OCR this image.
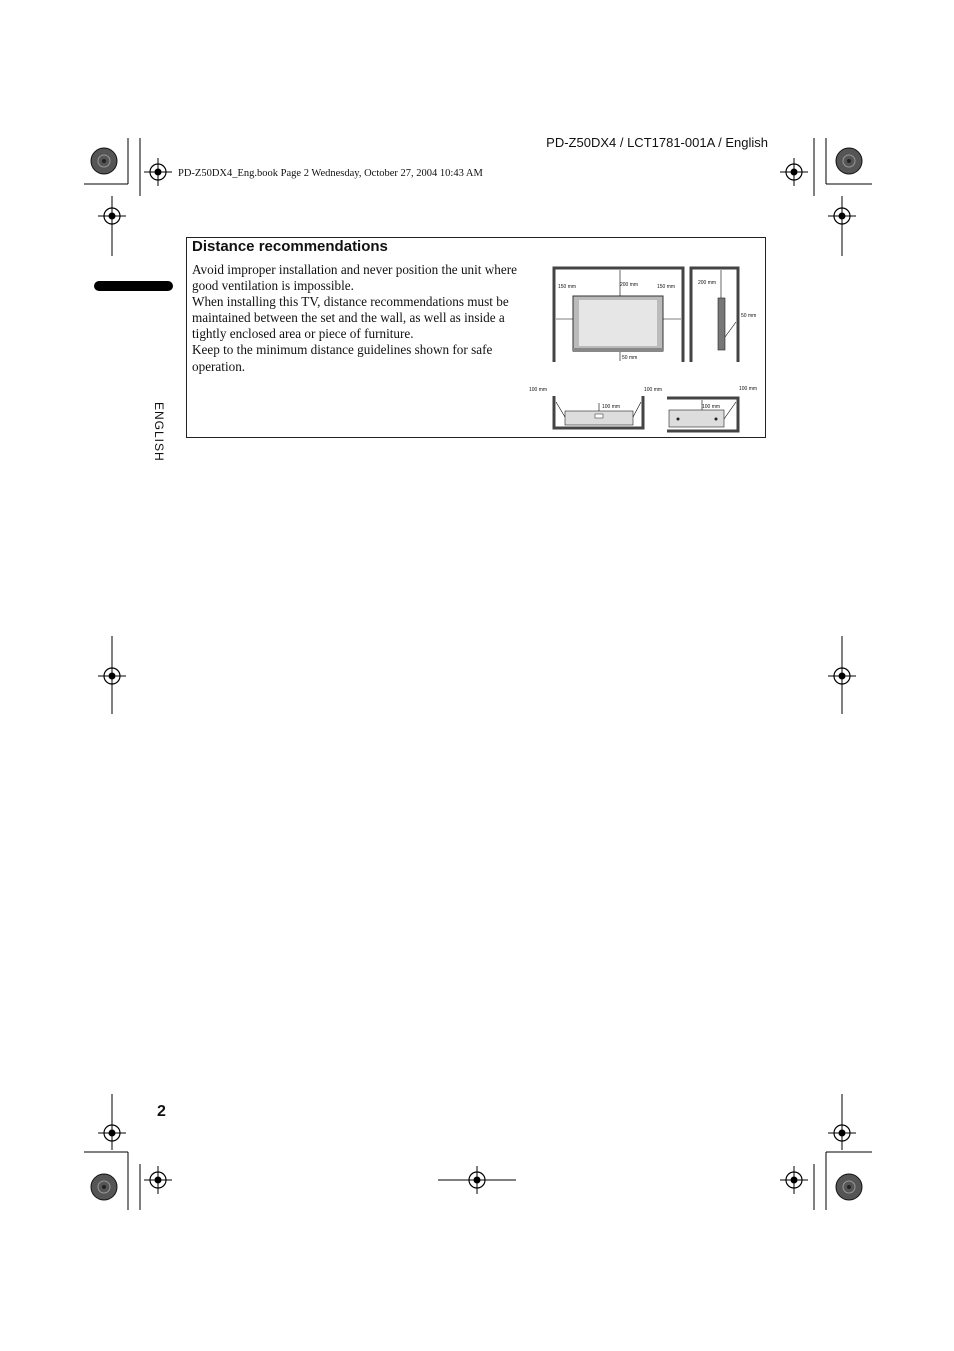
PD-Z50DX4 / LCT1781-001A / English
PD-Z50DX4_Eng.book Page 2 Wednesday, October 27, 2004 10:43 AM
ENGLISH
Distance recommendations

Avoid improper installation and never position the unit where good ventilation is impossible.

When installing this TV, distance recommendations must be maintained between the set and the wall, as well as inside a tightly enclosed area or piece of furniture.

Keep to the minimum distance guidelines shown for safe operation.

150 mm	200 mm	150 mm
50 mm
200 mm
50 mm
100 mm
100 mm
100 mm
100 mm
100 mm
2
